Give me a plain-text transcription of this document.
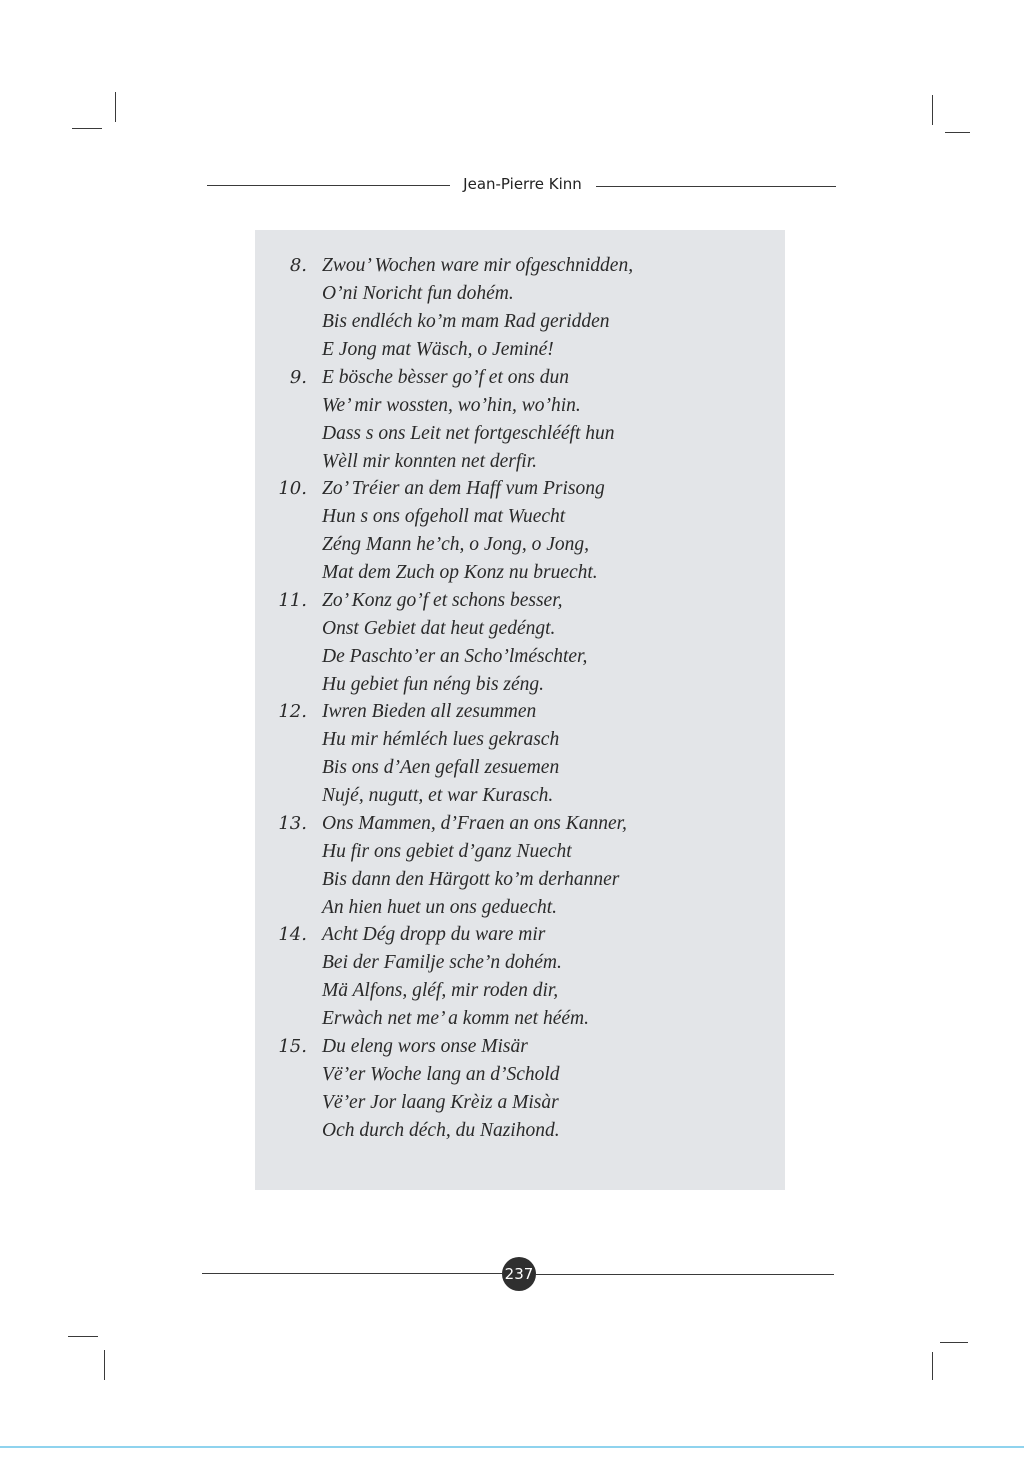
Jean-Pierre Kinn
8. Zwou’ Wochen ware mir ofgeschnidden,
O’ni Noricht fun dohém.
Bis endléch ko’m mam Rad geridden
E Jong mat Wäsch, o Jeminé!
9. E bösche bèsser go’f et ons dun
We’ mir wossten, wo’hin, wo’hin.
Dass s ons Leit net fortgeschlééft hun
Wèll mir konnten net derfir.
10. Zo’ Tréier an dem Haff vum Prisong
Hun s ons ofgeholl mat Wuecht
Zéng Mann he’ch, o Jong, o Jong,
Mat dem Zuch op Konz nu bruecht.
11. Zo’ Konz go’f et schons besser,
Onst Gebiet dat heut gedéngt.
De Paschto’er an Scho’lméschter,
Hu gebiet fun néng bis zéng.
12. Iwren Bieden all zesummen
Hu mir hémléch lues gekrasch
Bis ons d’Aen gefall zesuemen
Nujé, nugutt, et war Kurasch.
13. Ons Mammen, d’Fraen an ons Kanner,
Hu fir ons gebiet d’ganz Nuecht
Bis dann den Härgott ko’m derhanner
An hien huet un ons geduecht.
14. Acht Dég dropp du ware mir
Bei der Familje sche’n dohém.
Mä Alfons, gléf, mir roden dir,
Erwàch net me’ a komm net héém.
15. Du eleng wors onse Misär
Vë’er Woche lang an d’Schold
Vë’er Jor laang Krèiz a Misàr
Och durch déch, du Nazihond.
237
